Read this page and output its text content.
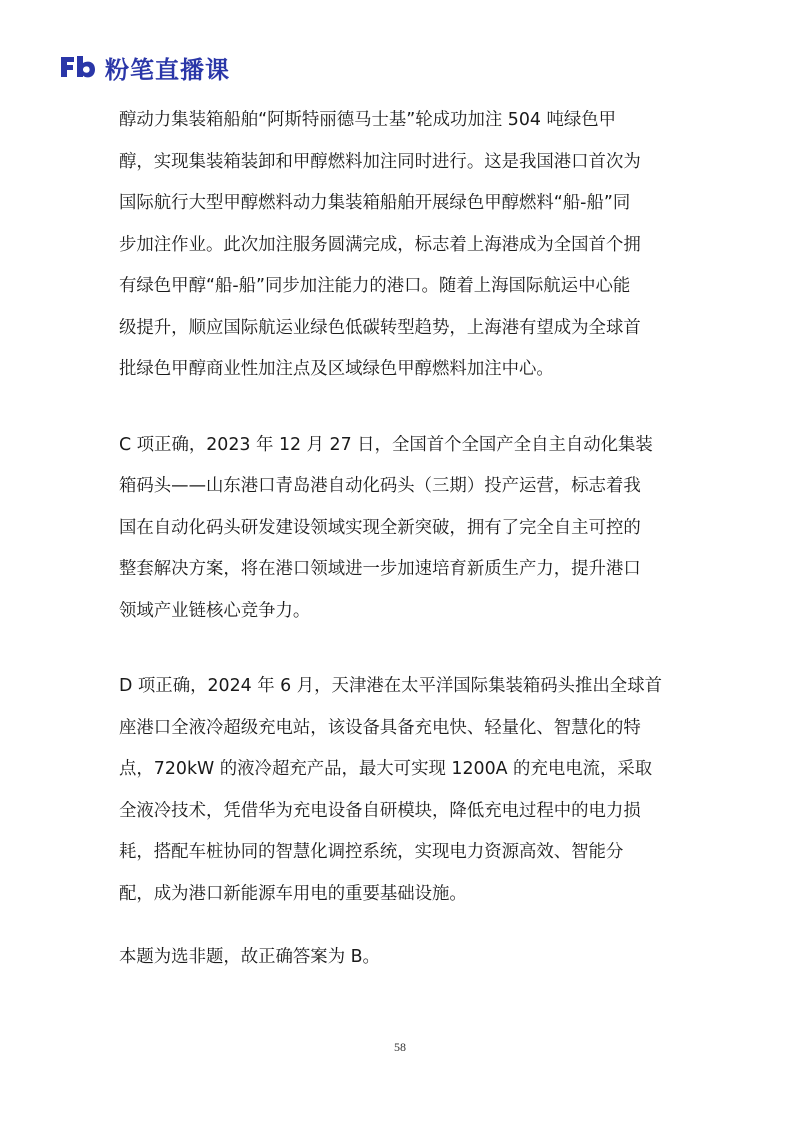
粉笔直播课

醇动力集装箱船舶“阿斯特丽德马士基”轮成功加注 504 吨绿色甲
醇，实现集装箱装卸和甲醇燃料加注同时进行。这是我国港口首次为
国际航行大型甲醇燃料动力集装箱船舶开展绿色甲醇燃料“船-船”同
步加注作业。此次加注服务圆满完成，标志着上海港成为全国首个拥
有绿色甲醇“船-船”同步加注能力的港口。随着上海国际航运中心能
级提升，顺应国际航运业绿色低碳转型趋势，上海港有望成为全球首
批绿色甲醇商业性加注点及区域绿色甲醇燃料加注中心。

C 项正确，2023 年 12 月 27 日，全国首个全国产全自主自动化集装
箱码头——山东港口青岛港自动化码头（三期）投产运营，标志着我
国在自动化码头研发建设领域实现全新突破，拥有了完全自主可控的
整套解决方案，将在港口领域进一步加速培育新质生产力，提升港口
领域产业链核心竞争力。

D 项正确，2024 年 6 月，天津港在太平洋国际集装箱码头推出全球首
座港口全液冷超级充电站，该设备具备充电快、轻量化、智慧化的特
点，720kW 的液冷超充产品，最大可实现 1200A 的充电电流，采取
全液冷技术，凭借华为充电设备自研模块，降低充电过程中的电力损
耗，搭配车桩协同的智慧化调控系统，实现电力资源高效、智能分
配，成为港口新能源车用电的重要基础设施。

本题为选非题，故正确答案为 B。

58
